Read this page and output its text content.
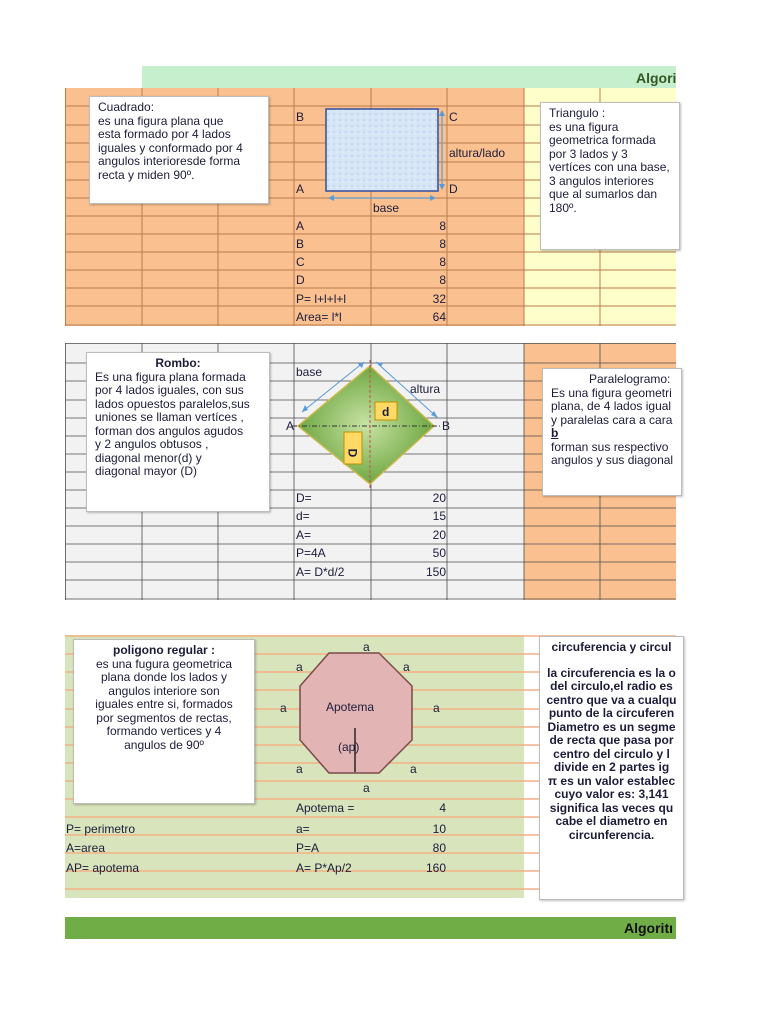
Algori
B	C
A	D
altura/lado
base
A	8
B	8
C	8
D	8
P= l+l+l+l	32
Area= l*l	64
Cuadrado:
es una figura plana que
esta formado por 4 lados
iguales y conformado por 4
angulos interioresde forma
recta y miden 90º.
Triangulo :
es una figura
geometrica formada
por 3 lados y 3
vertíces con una base,
3 angulos interiores
que al sumarlos dan
180º.
base
altura
A	B
d
D
D=	20
d=	15
A=	20
P=4A	50
A= D*d/2	150
Rombo:
Es una figura plana formada
por 4 lados iguales, con sus
lados opuestos paralelos,sus
uniones se llaman vertíces ,
forman dos angulos agudos
y 2 angulos obtusos ,
diagonal menor(d) y
diagonal mayor (D)
Paralelogramo:
Es una figura geometri
plana, de 4 lados igual
y paralelas cara a cara
b
forman sus respectivo
angulos y sus diagonal
a
a	a
a	a
a	a
a
Apotema
(ap)
P= perimetro
A=area
AP= apotema
Apotema =	4
a=	10
P=A	80
A= P*Ap/2	160
poligono regular :
es una fugura geometrica
plana donde los lados y
angulos interiore son
iguales entre si, formados
por segmentos de rectas,
formando vertices y 4
angulos de 90º
circuferencia y circul
la circuferencia es la o
del circulo,el radio es
centro que va a cualqu
punto de la circuferen
Diametro es un segme
de recta que pasa por
centro del circulo y l
divide en 2 partes ig
π es un valor establec
cuyo valor es: 3,141
significa las veces qu
cabe el diametro en
circunferencia.
Algoritı
